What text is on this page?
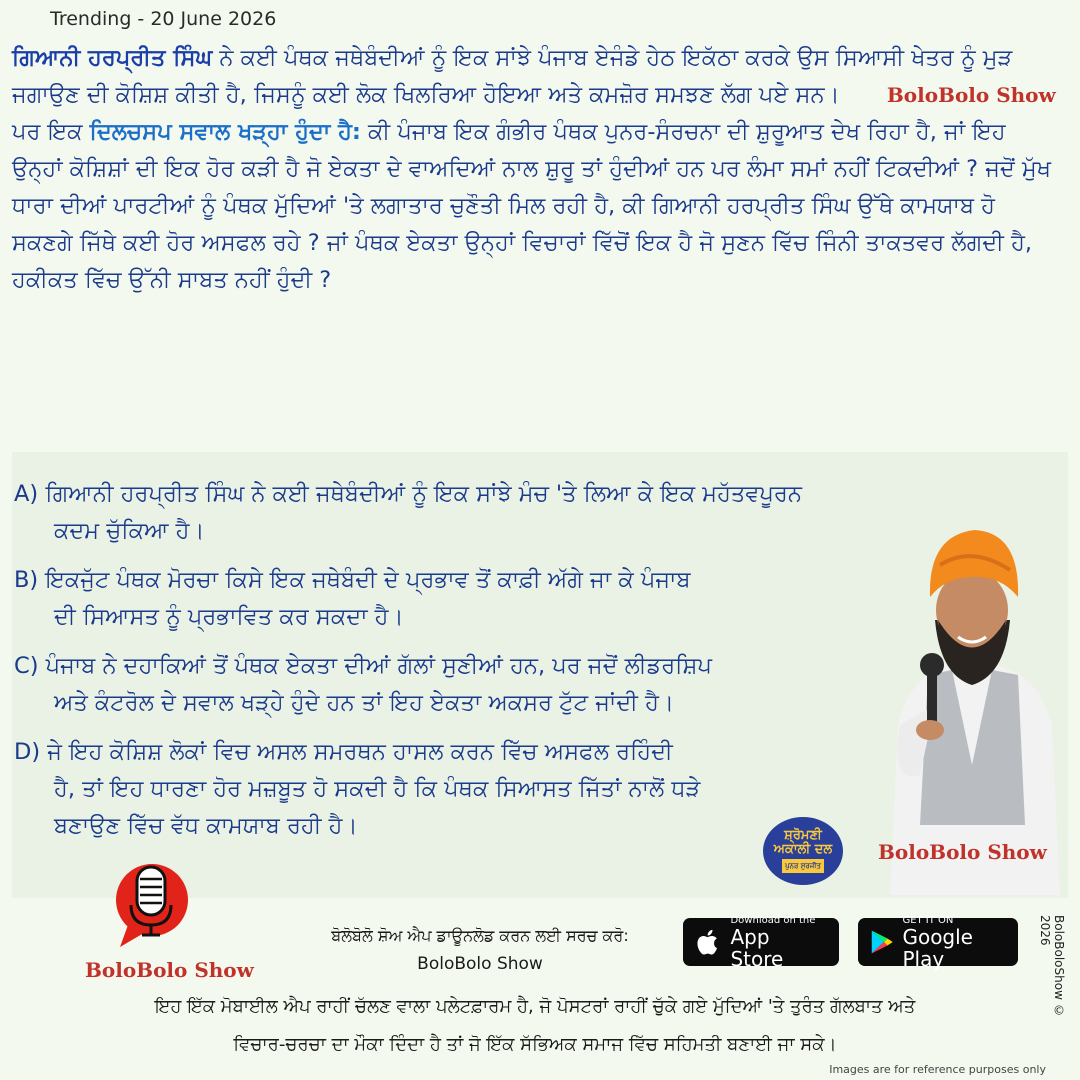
Trending - 20 June 2026
ਗਿਆਨੀ ਹਰਪ੍ਰੀਤ ਸਿੰਘ ਨੇ ਕਈ ਪੰਥਕ ਜਥੇਬੰਦੀਆਂ ਨੂੰ ਇਕ ਸਾਂਝੇ ਪੰਜਾਬ ਏਜੰਡੇ ਹੇਠ ਇਕੱਠਾ ਕਰਕੇ ਉਸ ਸਿਆਸੀ ਖੇਤਰ ਨੂੰ ਮੁੜ ਜਗਾਉਣ ਦੀ ਕੋਸ਼ਿਸ਼ ਕੀਤੀ ਹੈ, ਜਿਸਨੂੰ ਕਈ ਲੋਕ ਖਿਲਰਿਆ ਹੋਇਆ ਅਤੇ ਕਮਜ਼ੋਰ ਸਮਝਣ ਲੱਗ ਪਏ ਸਨ। BoloBolo Show
ਪਰ ਇਕ ਦਿਲਚਸਪ ਸਵਾਲ ਖੜ੍ਹਾ ਹੁੰਦਾ ਹੈ: ਕੀ ਪੰਜਾਬ ਇਕ ਗੰਭੀਰ ਪੰਥਕ ਪੁਨਰ-ਸੰਰਚਨਾ ਦੀ ਸ਼ੁਰੂਆਤ ਦੇਖ ਰਿਹਾ ਹੈ, ਜਾਂ ਇਹ ਉਨ੍ਹਾਂ ਕੋਸ਼ਿਸ਼ਾਂ ਦੀ ਇਕ ਹੋਰ ਕੜੀ ਹੈ ਜੋ ਏਕਤਾ ਦੇ ਵਾਅਦਿਆਂ ਨਾਲ ਸ਼ੁਰੂ ਤਾਂ ਹੁੰਦੀਆਂ ਹਨ ਪਰ ਲੰਮਾ ਸਮਾਂ ਨਹੀਂ ਟਿਕਦੀਆਂ ? ਜਦੋਂ ਮੁੱਖ ਧਾਰਾ ਦੀਆਂ ਪਾਰਟੀਆਂ ਨੂੰ ਪੰਥਕ ਮੁੱਦਿਆਂ 'ਤੇ ਲਗਾਤਾਰ ਚੁਣੌਤੀ ਮਿਲ ਰਹੀ ਹੈ, ਕੀ ਗਿਆਨੀ ਹਰਪ੍ਰੀਤ ਸਿੰਘ ਉੱਥੇ ਕਾਮਯਾਬ ਹੋ ਸਕਣਗੇ ਜਿੱਥੇ ਕਈ ਹੋਰ ਅਸਫਲ ਰਹੇ ? ਜਾਂ ਪੰਥਕ ਏਕਤਾ ਉਨ੍ਹਾਂ ਵਿਚਾਰਾਂ ਵਿੱਚੋਂ ਇਕ ਹੈ ਜੋ ਸੁਣਨ ਵਿੱਚ ਜਿੰਨੀ ਤਾਕਤਵਰ ਲੱਗਦੀ ਹੈ, ਹਕੀਕਤ ਵਿੱਚ ਉੱਨੀ ਸਾਬਤ ਨਹੀਂ ਹੁੰਦੀ ?
A) ਗਿਆਨੀ ਹਰਪ੍ਰੀਤ ਸਿੰਘ ਨੇ ਕਈ ਜਥੇਬੰਦੀਆਂ ਨੂੰ ਇਕ ਸਾਂਝੇ ਮੰਚ 'ਤੇ ਲਿਆ ਕੇ ਇਕ ਮਹੱਤਵਪੂਰਨ
ਕਦਮ ਚੁੱਕਿਆ ਹੈ।
B) ਇਕਜੁੱਟ ਪੰਥਕ ਮੋਰਚਾ ਕਿਸੇ ਇਕ ਜਥੇਬੰਦੀ ਦੇ ਪ੍ਰਭਾਵ ਤੋਂ ਕਾਫ਼ੀ ਅੱਗੇ ਜਾ ਕੇ ਪੰਜਾਬ
ਦੀ ਸਿਆਸਤ ਨੂੰ ਪ੍ਰਭਾਵਿਤ ਕਰ ਸਕਦਾ ਹੈ।
C) ਪੰਜਾਬ ਨੇ ਦਹਾਕਿਆਂ ਤੋਂ ਪੰਥਕ ਏਕਤਾ ਦੀਆਂ ਗੱਲਾਂ ਸੁਣੀਆਂ ਹਨ, ਪਰ ਜਦੋਂ ਲੀਡਰਸ਼ਿਪ
ਅਤੇ ਕੰਟਰੋਲ ਦੇ ਸਵਾਲ ਖੜ੍ਹੇ ਹੁੰਦੇ ਹਨ ਤਾਂ ਇਹ ਏਕਤਾ ਅਕਸਰ ਟੁੱਟ ਜਾਂਦੀ ਹੈ।
D) ਜੇ ਇਹ ਕੋਸ਼ਿਸ਼ ਲੋਕਾਂ ਵਿਚ ਅਸਲ ਸਮਰਥਨ ਹਾਸਲ ਕਰਨ ਵਿੱਚ ਅਸਫਲ ਰਹਿੰਦੀ
ਹੈ, ਤਾਂ ਇਹ ਧਾਰਣਾ ਹੋਰ ਮਜ਼ਬੂਤ ਹੋ ਸਕਦੀ ਹੈ ਕਿ ਪੰਥਕ ਸਿਆਸਤ ਜਿੱਤਾਂ ਨਾਲੋਂ ਧੜੇ
ਬਣਾਉਣ ਵਿੱਚ ਵੱਧ ਕਾਮਯਾਬ ਰਹੀ ਹੈ।	ਸ਼੍ਰੋਮਣੀ
ਅਕਾਲੀ ਦਲ
ਪੁਨਰ ਸੁਰਜੀਤ
BoloBolo Show
BoloBolo Show
ਬੋਲੋਬੋਲੋ ਸ਼ੋਅ ਐਪ ਡਾਊਨਲੋਡ ਕਰਨ ਲਈ ਸਰਚ ਕਰੋ:
BoloBolo Show
Download on the
App Store
GET IT ON
Google Play
ਇਹ ਇੱਕ ਮੋਬਾਈਲ ਐਪ ਰਾਹੀਂ ਚੱਲਣ ਵਾਲਾ ਪਲੇਟਫ਼ਾਰਮ ਹੈ, ਜੋ ਪੋਸਟਰਾਂ ਰਾਹੀਂ ਚੁੱਕੇ ਗਏ ਮੁੱਦਿਆਂ 'ਤੇ ਤੁਰੰਤ ਗੱਲਬਾਤ ਅਤੇ
ਵਿਚਾਰ-ਚਰਚਾ ਦਾ ਮੌਕਾ ਦਿੰਦਾ ਹੈ ਤਾਂ ਜੋ ਇੱਕ ਸੱਭਿਅਕ ਸਮਾਜ ਵਿੱਚ ਸਹਿਮਤੀ ਬਣਾਈ ਜਾ ਸਕੇ।
BoloBoloShow © 2026
Images are for reference purposes only
